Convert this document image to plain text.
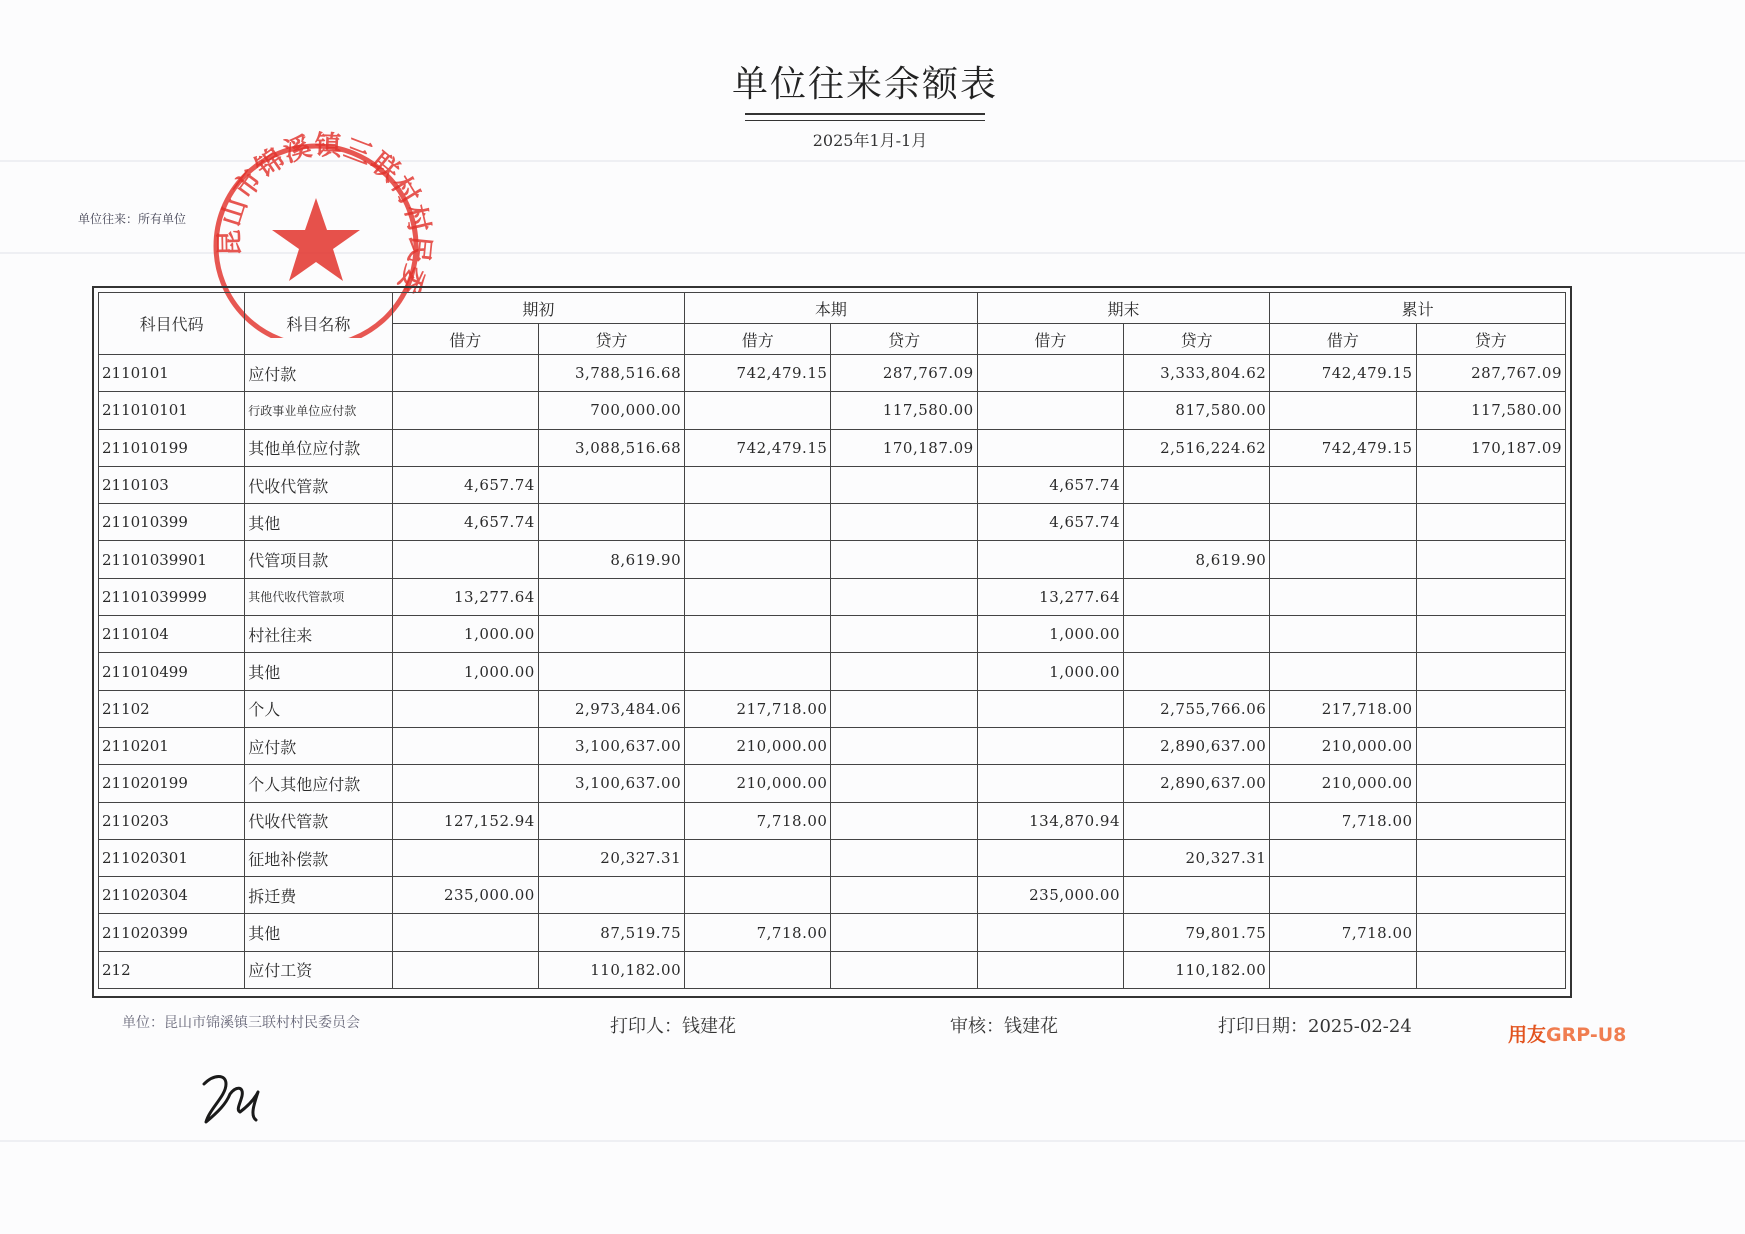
单位往来余额表
2025年1月-1月
单位往来：所有单位
昆山市锦溪镇三联村村民委
科目代码	科目名称	期初		本期		期末		累计	
		借方	贷方	借方	贷方	借方	贷方	借方	贷方
2110101	应付款		3,788,516.68	742,479.15	287,767.09		3,333,804.62	742,479.15	287,767.09
211010101	行政事业单位应付款		700,000.00		117,580.00		817,580.00		117,580.00
211010199	其他单位应付款		3,088,516.68	742,479.15	170,187.09		2,516,224.62	742,479.15	170,187.09
2110103	代收代管款	4,657.74				4,657.74			
211010399	其他	4,657.74				4,657.74			
21101039901	代管项目款		8,619.90				8,619.90		
21101039999	其他代收代管款项	13,277.64				13,277.64			
2110104	村社往来	1,000.00				1,000.00			
211010499	其他	1,000.00				1,000.00			
21102	个人		2,973,484.06	217,718.00			2,755,766.06	217,718.00	
2110201	应付款		3,100,637.00	210,000.00			2,890,637.00	210,000.00	
211020199	个人其他应付款		3,100,637.00	210,000.00			2,890,637.00	210,000.00	
2110203	代收代管款	127,152.94		7,718.00		134,870.94		7,718.00	
211020301	征地补偿款		20,327.31				20,327.31		
211020304	拆迁费	235,000.00				235,000.00			
211020399	其他		87,519.75	7,718.00			79,801.75	7,718.00	
212	应付工资		110,182.00				110,182.00		
单位：昆山市锦溪镇三联村村民委员会	打印人：钱建花	审核：钱建花	打印日期：2025-02-24	用友GRP-U8
